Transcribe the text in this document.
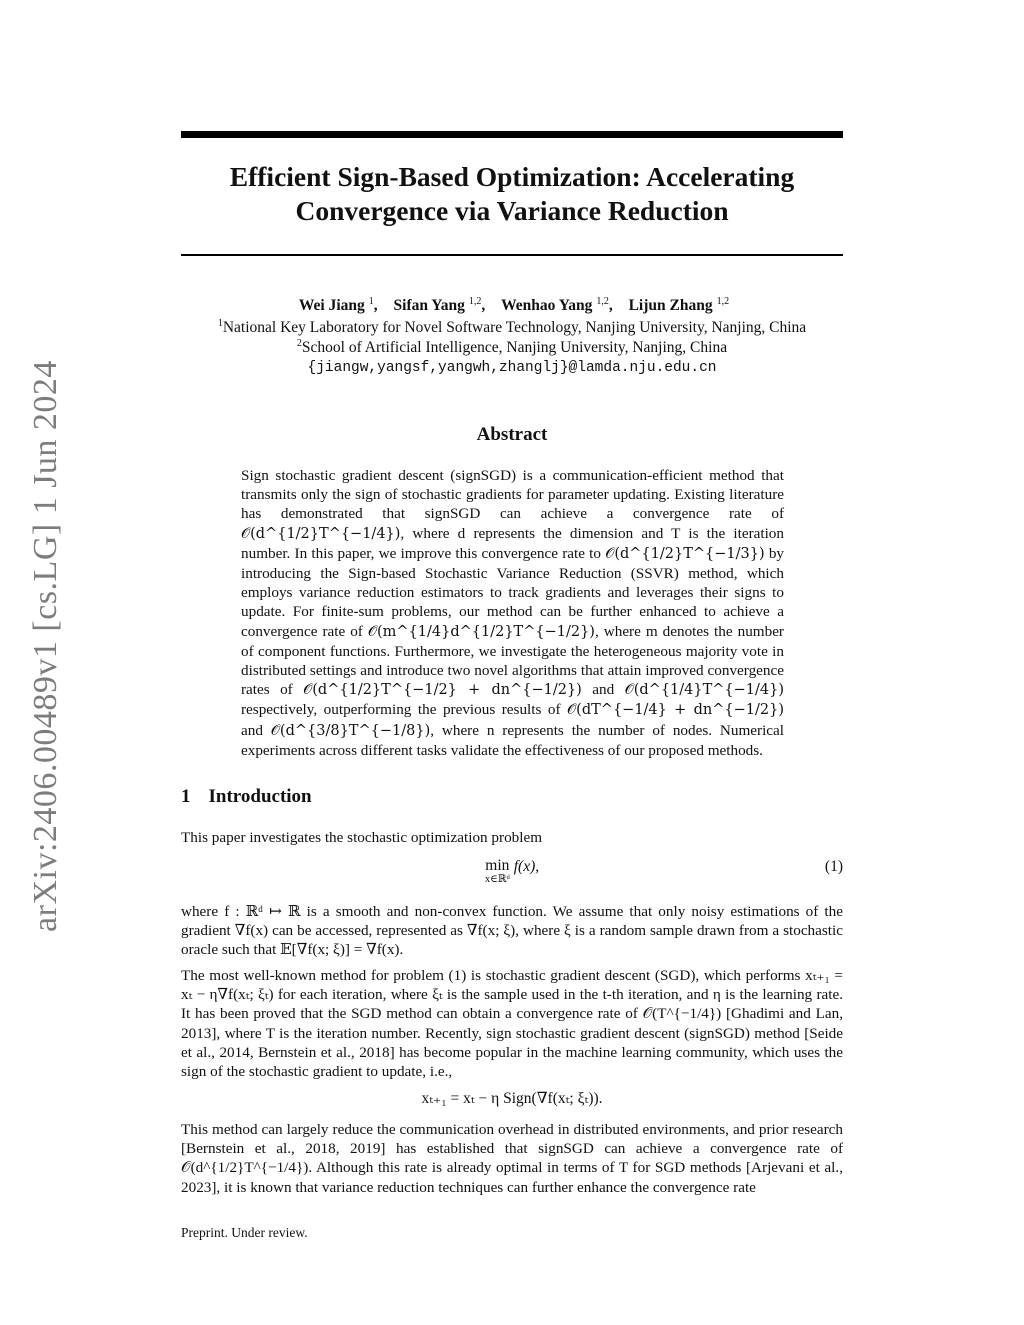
arXiv:2406.00489v1 [cs.LG] 1 Jun 2024
Efficient Sign-Based Optimization: Accelerating
Convergence via Variance Reduction
Wei Jiang $^1$, Sifan Yang $^{1,2}$, Wenhao Yang $^{1,2}$, Lijun Zhang $^{1,2}$
$^1$National Key Laboratory for Novel Software Technology, Nanjing University, Nanjing, China
$^2$School of Artificial Intelligence, Nanjing University, Nanjing, China
{jiangw,yangsf,yangwh,zhanglj}@lamda.nju.edu.cn
Abstract
Sign stochastic gradient descent (signSGD) is a communication-efficient method that transmits only the sign of stochastic gradients for parameter updating. Existing literature has demonstrated that signSGD can achieve a convergence rate of 𝒪(d^{1/2}T^{−1/4}), where d represents the dimension and T is the iteration number. In this paper, we improve this convergence rate to 𝒪(d^{1/2}T^{−1/3}) by introducing the Sign-based Stochastic Variance Reduction (SSVR) method, which employs variance reduction estimators to track gradients and leverages their signs to update. For finite-sum problems, our method can be further enhanced to achieve a convergence rate of 𝒪(m^{1/4}d^{1/2}T^{−1/2}), where m denotes the number of component functions. Furthermore, we investigate the heterogeneous majority vote in distributed settings and introduce two novel algorithms that attain improved convergence rates of 𝒪(d^{1/2}T^{−1/2} + dn^{−1/2}) and 𝒪(d^{1/4}T^{−1/4}) respectively, outperforming the previous results of 𝒪(dT^{−1/4} + dn^{−1/2}) and 𝒪(d^{3/8}T^{−1/8}), where n represents the number of nodes. Numerical experiments across different tasks validate the effectiveness of our proposed methods.
1 Introduction
This paper investigates the stochastic optimization problem
min
x∈ℝᵈ
f(x),	(1)
where f : ℝᵈ ↦ ℝ is a smooth and non-convex function. We assume that only noisy estimations of the gradient ∇f(x) can be accessed, represented as ∇f(x; ξ), where ξ is a random sample drawn from a stochastic oracle such that 𝔼[∇f(x; ξ)] = ∇f(x).
The most well-known method for problem (1) is stochastic gradient descent (SGD), which performs xₜ₊₁ = xₜ − η∇f(xₜ; ξₜ) for each iteration, where ξₜ is the sample used in the t-th iteration, and η is the learning rate. It has been proved that the SGD method can obtain a convergence rate of 𝒪(T^{−1/4}) [Ghadimi and Lan, 2013], where T is the iteration number. Recently, sign stochastic gradient descent (signSGD) method [Seide et al., 2014, Bernstein et al., 2018] has become popular in the machine learning community, which uses the sign of the stochastic gradient to update, i.e.,
xₜ₊₁ = xₜ − η Sign(∇f(xₜ; ξₜ)).
This method can largely reduce the communication overhead in distributed environments, and prior research [Bernstein et al., 2018, 2019] has established that signSGD can achieve a convergence rate of 𝒪(d^{1/2}T^{−1/4}). Although this rate is already optimal in terms of T for SGD methods [Arjevani et al., 2023], it is known that variance reduction techniques can further enhance the convergence rate
Preprint. Under review.
